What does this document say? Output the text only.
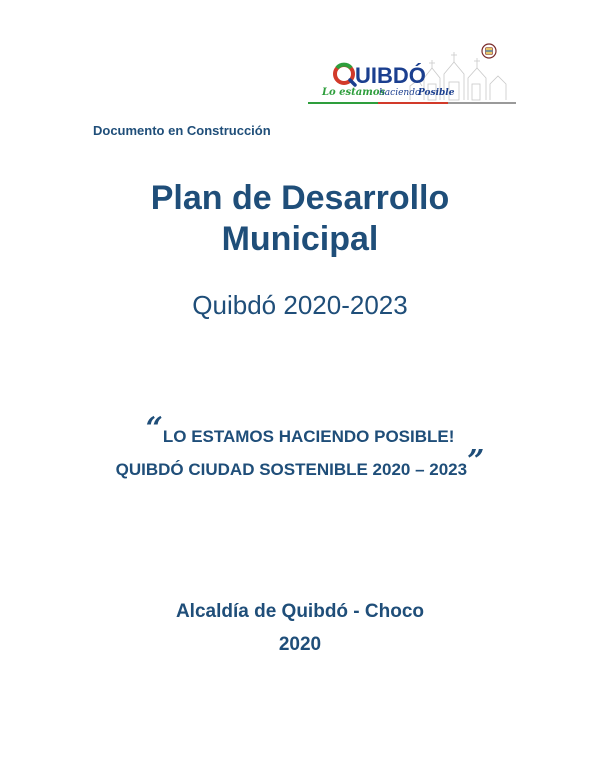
UIBDÓ
Lo estamos
haciendo
Posible
Documento en Construcción
Plan de Desarrollo
Municipal
Quibdó 2020-2023
“LO ESTAMOS HACIENDO POSIBLE!
QUIBDÓ CIUDAD SOSTENIBLE 2020 – 2023”
Alcaldía de Quibdó - Choco
2020
